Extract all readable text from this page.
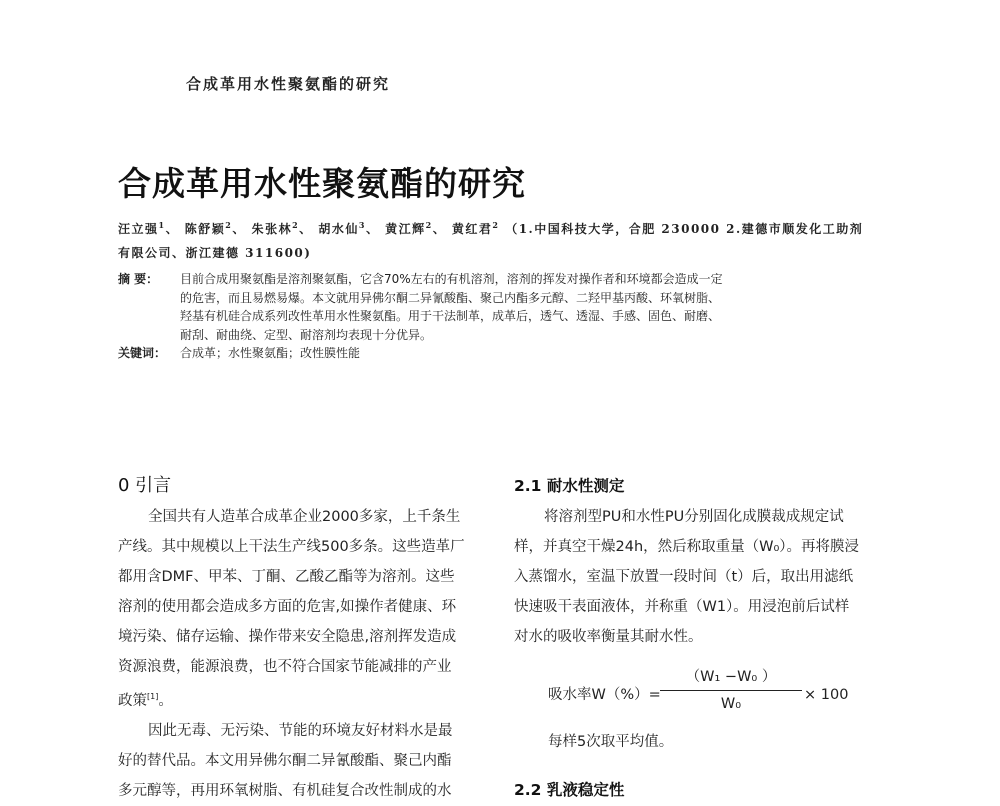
合成革用水性聚氨酯的研究
合成革用水性聚氨酯的研究
汪立强$^1$、 陈舒颖$^2$、 朱张林$^2$、 胡水仙$^3$、 黄江辉$^2$、 黄红君$^2$ （1.中国科技大学，合肥 230000 2.建德市顺发化工助剂
有限公司、浙江建德 311600)
摘 要：	目前合成用聚氨酯是溶剂聚氨酯，它含70%左右的有机溶剂，溶剂的挥发对操作者和环境都会造成一定
的危害，而且易燃易爆。本文就用异佛尔酮二异氰酸酯、聚己内酯多元醇、二羟甲基丙酸、环氧树脂、
羟基有机硅合成系列改性革用水性聚氨酯。用于干法制革，成革后，透气、透湿、手感、固色、耐磨、
耐刮、耐曲绕、定型、耐溶剂均表现十分优异。
关键词：	合成革；水性聚氨酯；改性膜性能
0 引言
全国共有人造革合成革企业2000多家，上千条生
产线。其中规模以上干法生产线500多条。这些造革厂
都用含DMF、甲苯、丁酮、乙酸乙酯等为溶剂。这些
溶剂的使用都会造成多方面的危害,如操作者健康、环
境污染、储存运输、操作带来安全隐患,溶剂挥发造成
资源浪费，能源浪费，也不符合国家节能减排的产业
政策[1]。
因此无毒、无污染、节能的环境友好材料水是最
好的替代品。本文用异佛尔酮二异氰酸酯、聚己内酯
多元醇等，再用环氧树脂、有机硅复合改性制成的水
2.1 耐水性测定
将溶剂型PU和水性PU分别固化成膜裁成规定试
样，并真空干燥24h，然后称取重量（W₀）。再将膜浸
入蒸馏水，室温下放置一段时间（t）后，取出用滤纸
快速吸干表面液体，并称重（W1）。用浸泡前后试样
对水的吸收率衡量其耐水性。
吸水率$W(\%)= \frac{\text{（W₁ −W₀ ）}}{\text{W₀}} \times 100$
每样5次取平均值。
2.2 乳液稳定性
